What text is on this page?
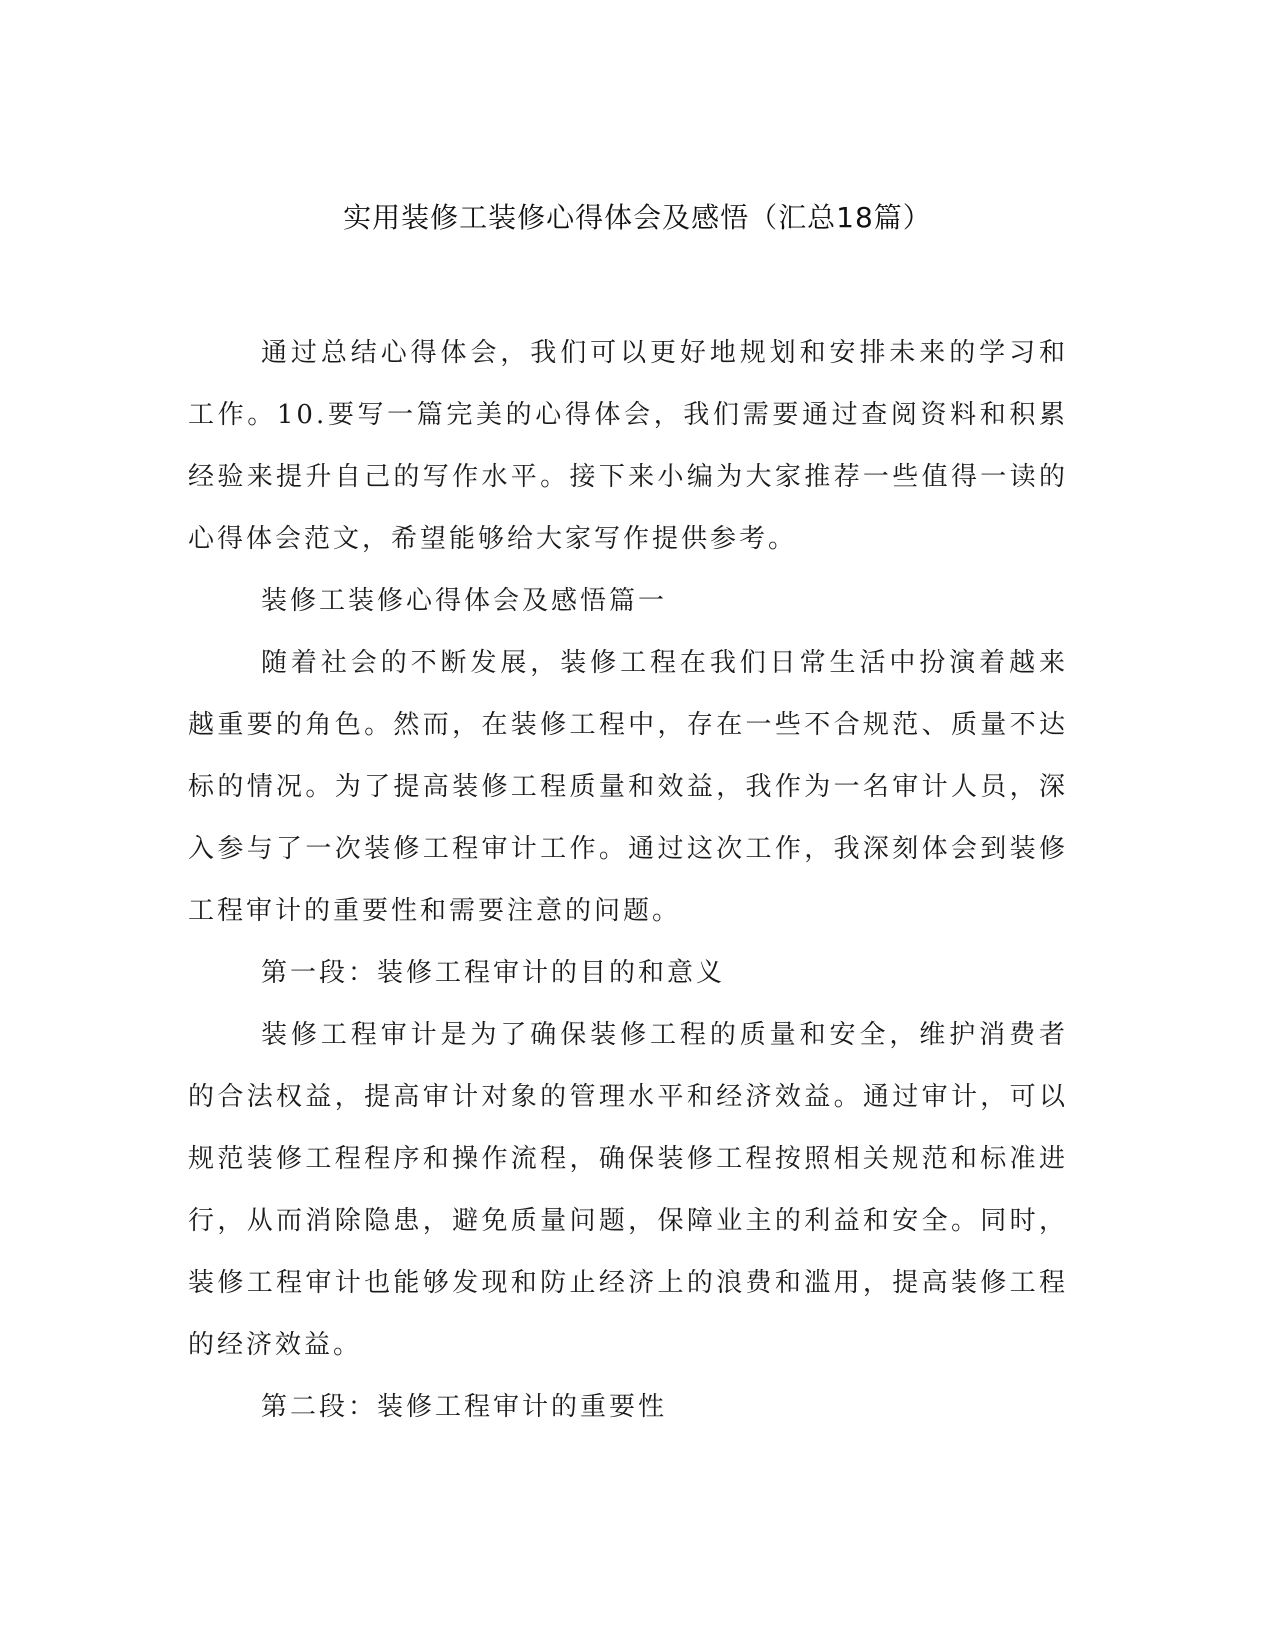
实用装修工装修心得体会及感悟（汇总18篇）

通过总结心得体会，我们可以更好地规划和安排未来的学习和工作。10.要写一篇完美的心得体会，我们需要通过查阅资料和积累经验来提升自己的写作水平。接下来小编为大家推荐一些值得一读的心得体会范文，希望能够给大家写作提供参考。

装修工装修心得体会及感悟篇一

随着社会的不断发展，装修工程在我们日常生活中扮演着越来越重要的角色。然而，在装修工程中，存在一些不合规范、质量不达标的情况。为了提高装修工程质量和效益，我作为一名审计人员，深入参与了一次装修工程审计工作。通过这次工作，我深刻体会到装修工程审计的重要性和需要注意的问题。

第一段：装修工程审计的目的和意义

装修工程审计是为了确保装修工程的质量和安全，维护消费者的合法权益，提高审计对象的管理水平和经济效益。通过审计，可以规范装修工程程序和操作流程，确保装修工程按照相关规范和标准进行，从而消除隐患，避免质量问题，保障业主的利益和安全。同时，装修工程审计也能够发现和防止经济上的浪费和滥用，提高装修工程的经济效益。

第二段：装修工程审计的重要性
